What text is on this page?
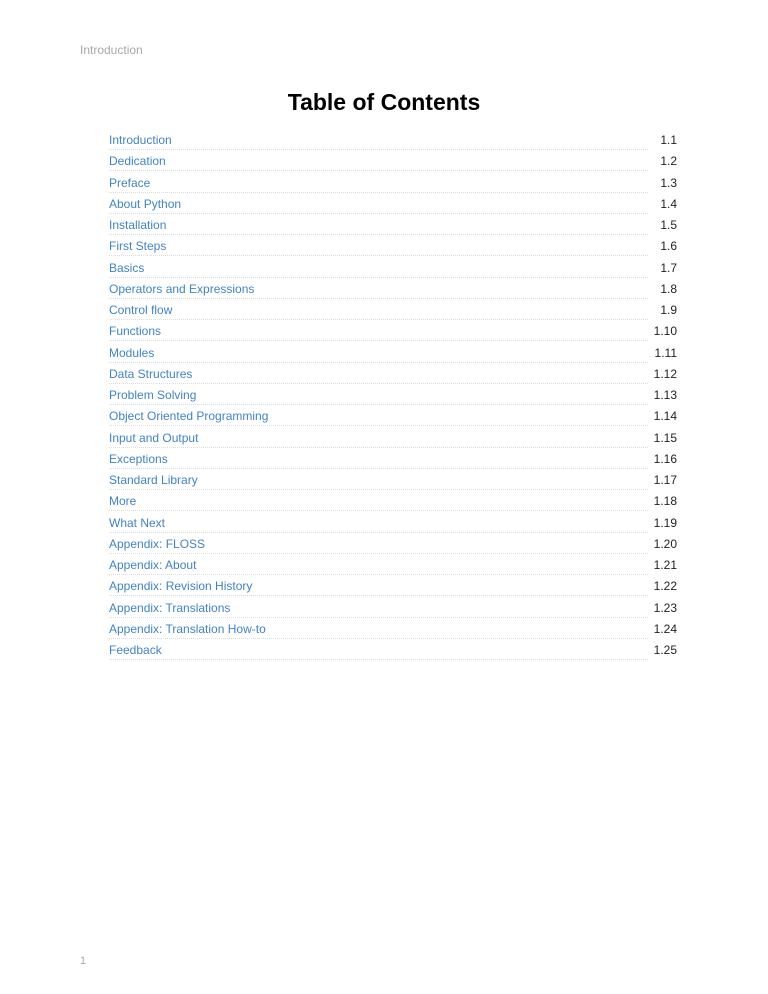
Introduction
Table of Contents
Introduction	1.1
Dedication	1.2
Preface	1.3
About Python	1.4
Installation	1.5
First Steps	1.6
Basics	1.7
Operators and Expressions	1.8
Control flow	1.9
Functions	1.10
Modules	1.11
Data Structures	1.12
Problem Solving	1.13
Object Oriented Programming	1.14
Input and Output	1.15
Exceptions	1.16
Standard Library	1.17
More	1.18
What Next	1.19
Appendix: FLOSS	1.20
Appendix: About	1.21
Appendix: Revision History	1.22
Appendix: Translations	1.23
Appendix: Translation How-to	1.24
Feedback	1.25
1
